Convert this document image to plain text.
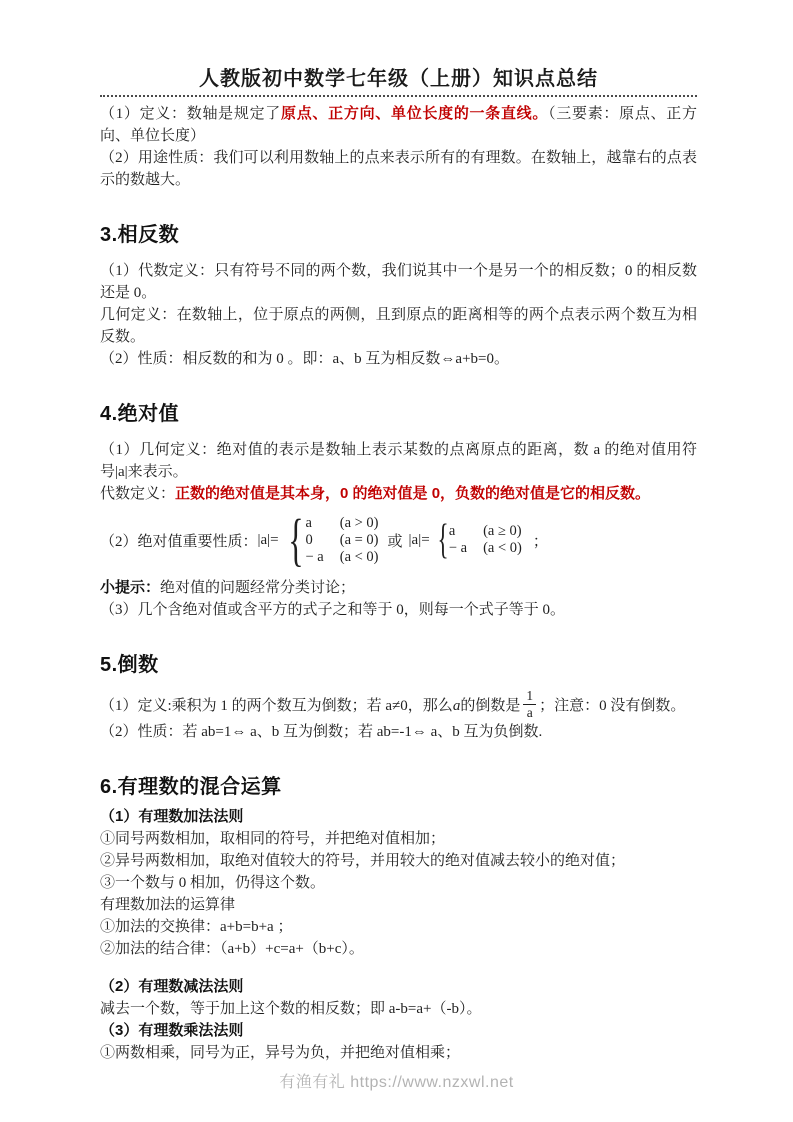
人教版初中数学七年级（上册）知识点总结

（1）定义：数轴是规定了原点、正方向、单位长度的一条直线。（三要素：原点、正方向、单位长度）

（2）用途性质：我们可以利用数轴上的点来表示所有的有理数。在数轴上，越靠右的点表示的数越大。

3.相反数

（1）代数定义：只有符号不同的两个数，我们说其中一个是另一个的相反数；0 的相反数还是 0。

几何定义：在数轴上，位于原点的两侧，且到原点的距离相等的两个点表示两个数互为相反数。

（2）性质：相反数的和为 0 。即：a、b 互为相反数⇔a+b=0。

4.绝对值

（1）几何定义：绝对值的表示是数轴上表示某数的点离原点的距离，数 a 的绝对值用符号|a|来表示。

代数定义：正数的绝对值是其本身，0 的绝对值是 0，负数的绝对值是它的相反数。

（2）绝对值重要性质： |a|= { a	(a > 0)
0	(a = 0)
− a (a < 0)
或 |a|= { a	(a ≥ 0)
− a (a < 0) ；

小提示：绝对值的问题经常分类讨论；

（3）几个含绝对值或含平方的式子之和等于 0，则每一个式子等于 0。

5.倒数

（1）定义:乘积为 1 的两个数互为倒数；若 a≠0，那么 a 的倒数是 $\frac{1}{a}$ ；注意：0 没有倒数。

（2）性质：若 ab=1⇔ a、b 互为倒数；若 ab=-1⇔ a、b 互为负倒数.

6.有理数的混合运算

（1）有理数加法法则

①同号两数相加，取相同的符号，并把绝对值相加；

②异号两数相加，取绝对值较大的符号，并用较大的绝对值减去较小的绝对值；

③一个数与 0 相加，仍得这个数。

有理数加法的运算律

①加法的交换律：a+b=b+a ；

②加法的结合律：（a+b）+c=a+（b+c）。

（2）有理数减法法则

减去一个数，等于加上这个数的相反数；即 a-b=a+（-b）。

（3）有理数乘法法则

①两数相乘，同号为正，异号为负，并把绝对值相乘；

有渔有礼 https://www.nzxwl.net
